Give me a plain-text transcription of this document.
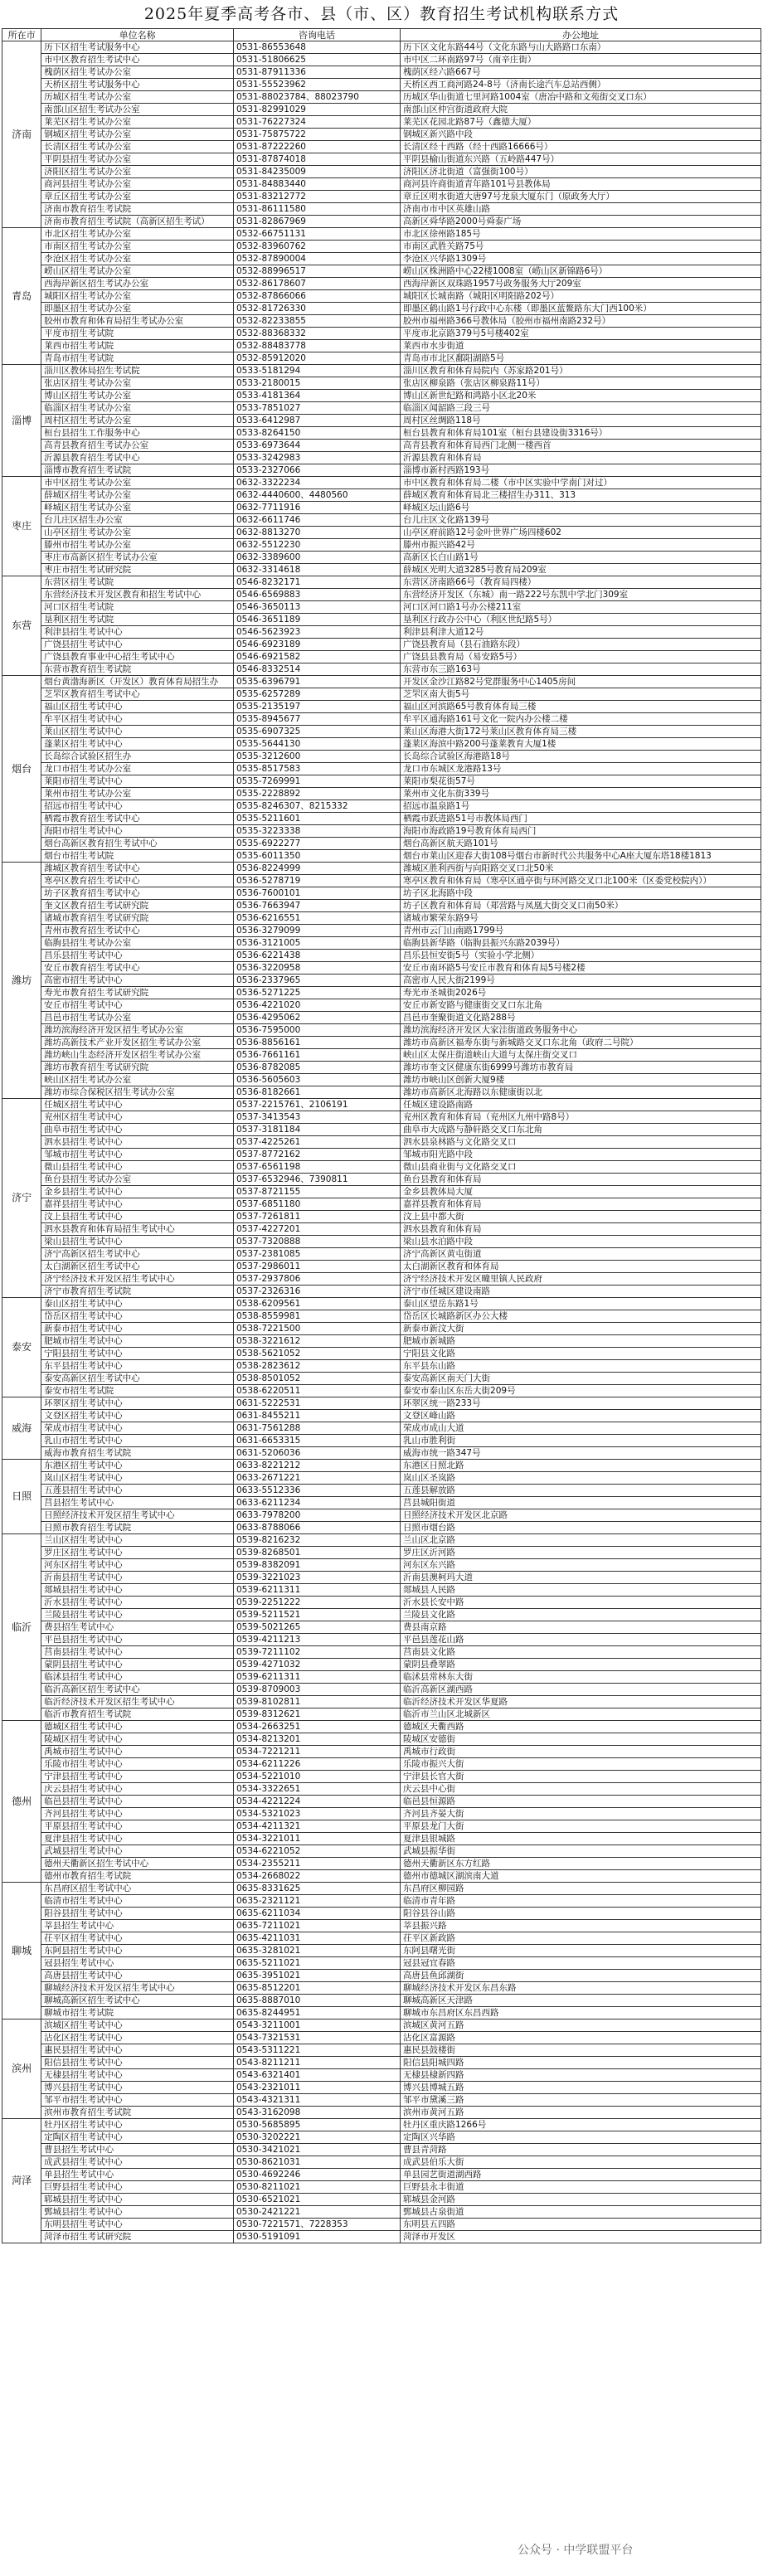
2025年夏季高考各市、县（市、区）教育招生考试机构联系方式
所在市	单位名称	咨询电话	办公地址
济南	历下区招生考试服务中心	0531-86553648	历下区文化东路44号（文化东路与山大路路口东南）
	市中区教育招生考试中心	0531-51806625	市中区二环南路97号（南辛庄街）
	槐荫区招生考试办公室	0531-87911336	槐荫区经六路667号
	天桥区招生考试服务中心	0531-55523962	天桥区西工商河路24-8号（济南长途汽车总站西侧）
	历城区招生考试办公室	0531-88023784、88023790	历城区华山街道七里河路1004室（唐冶中路和文苑街交叉口东）
	南部山区招生考试办公室	0531-82991029	南部山区仲宫街道政府大院
	莱芜区招生考试办公室	0531-76227324	莱芜区花园北路87号（鑫德大厦）
	钢城区招生考试办公室	0531-75875722	钢城区新兴路中段
	长清区招生考试办公室	0531-87222260	长清区经十西路（经十西路16666号）
	平阴县招生考试办公室	0531-87874018	平阴县榆山街道东兴路（五岭路447号）
	济阳区招生考试办公室	0531-84235009	济阳区济北街道（富强街100号）
	商河县招生考试办公室	0531-84883440	商河县许商街道青年路101号县教体局
	章丘区招生考试办公室	0531-83212772	章丘区明水街道大唐97号龙泉大厦东门（原政务大厅）
	济南市教育招生考试院	0531-86111580	济南市市中区英雄山路
	济南市教育招生考试院（高新区招生考试）	0531-82867969	高新区舜华路2000号舜泰广场
青岛	市北区招生考试办公室	0532-66751131	市北区徐州路185号
	市南区招生考试办公室	0532-83960762	市南区武胜关路75号
	李沧区招生考试办公室	0532-87890004	李沧区兴华路1309号
	崂山区招生考试办公室	0532-88996517	崂山区株洲路中心22楼1008室（崂山区新锦路6号）
	西海岸新区招生考试办公室	0532-86178607	西海岸新区双珠路1957号政务服务大厅209室
	城阳区招生考试办公室	0532-87866066	城阳区长城南路（城阳区明阳路202号）
	即墨区招生考试办公室	0532-81726330	即墨区鹤山路1号行政中心东楼（即墨区蓝鳌路东大门西100米）
	胶州市教育和体育局招生考试办公室	0532-82233855	胶州市福州路366号教体局（胶州市福州南路232号）
	平度市招生考试院	0532-88368332	平度市北京路379号5号楼402室
	莱西市招生考试院	0532-88483778	莱西市水步街道
	青岛市招生考试院	0532-85912020	青岛市市北区鄱阳湖路5号
淄博	淄川区教体局招生考试院	0533-5181294	淄川区教育和体育局院内（苏家路201号）
	张店区招生考试办公室	0533-2180015	张店区柳泉路（张店区柳泉路11号）
	博山区招生考试办公室	0533-4181364	博山区新世纪路和鸿路小区北20米
	临淄区招生考试办公室	0533-7851027	临淄区闻韶路三段三号
	周村区招生考试办公室	0533-6412987	周村区丝绸路118号
	桓台县招生工作服务中心	0533-8264150	桓台县教育和体育局101室（桓台县建设街3316号）
	高青县教育招生考试办公室	0533-6973644	高青县教育和体育局西门北侧一楼西首
	沂源县教育招生考试中心	0533-3242983	沂源县教育和体育局
	淄博市教育招生考试院	0533-2327066	淄博市新村西路193号
枣庄	市中区招生考试办公室	0632-3322234	市中区教育和体育局二楼（市中区实验中学南门对过）
	薛城区招生考试办公室	0632-4440600、4480560	薛城区教育和体育局北三楼招生办311、313
	峄城区招生考试办公室	0632-7711916	峄城区坛山路6号
	台儿庄区招生办公室	0632-6611746	台儿庄区文化路139号
	山亭区招生考试办公室	0632-8813270	山亭区府前路12号金叶世界广场四楼602
	滕州市招生考试办公室	0632-5512230	滕州市振兴路42号
	枣庄市高新区招生考试办公室	0632-3389600	高新区长白山路1号
	枣庄市招生考试研究院	0632-3314618	薛城区光明大道3285号教育局209室
东营	东营区招生考试院	0546-8232171	东营区济南路66号（教育局四楼）
	东营经济技术开发区教育和招生考试中心	0546-6569883	东营经济开发区（东城）南一路222号东凯中学北门309室
	河口区招生考试院	0546-3650113	河口区河口路1号办公楼211室
	垦利区招生考试院	0546-3651189	垦利区行政办公中心（利区世纪路5号）
	利津县招生考试中心	0546-5623923	利津县利津大道12号
	广饶县招生考试中心	0546-6923189	广饶县教育局（县石油路东段）
	广饶县教育事业中心招生考试中心	0546-6921582	广饶县县教育局（易安路5号）
	东营市教育招生考试院	0546-8332514	东营市东三路163号
烟台	烟台黄渤海新区（开发区）教育体育局招生办	0535-6396791	开发区金沙江路82号党群服务中心1405房间
	芝罘区教育招生考试中心	0535-6257289	芝罘区南大街5号
	福山区招生考试中心	0535-2135197	福山区河滨路65号教育体育局三楼
	牟平区招生考试中心	0535-8945677	牟平区通海路161号文化一院内办公楼二楼
	莱山区招生考试中心	0535-6907325	莱山区海港大街172号莱山区教育体育局三楼
	蓬莱区招生考试中心	0535-5644130	蓬莱区海滨中路200号蓬莱教育大厦1楼
	长岛综合试验区招生办	0535-3212600	长岛综合试验区海港路18号
	龙口市招生考试办公室	0535-8517583	龙口市东城区龙港路13号
	莱阳市招生考试中心	0535-7269991	莱阳市梨花街57号
	莱州市招生考试办公室	0535-2228892	莱州市文化东街339号
	招远市招生考试中心	0535-8246307、8215332	招远市温泉路1号
	栖霞市教育招生考试中心	0535-5211601	栖霞市跃进路51号市教体局西门
	海阳市招生考试中心	0535-3223338	海阳市海政路19号教育体育局西门
	烟台高新区教育招生考试中心	0535-6922277	烟台高新区航天路101号
	烟台市招生考试院	0535-6011350	烟台市莱山区迎春大街108号烟台市新时代公共服务中心A座大厦东塔18楼1813
潍坊	潍城区教育招生考试中心	0536-8224999	潍城区胜利西街与向阳路交叉口北50米
	寒亭区教育招生考试中心	0536-5278719	寒亭区教育和体育局（寒亭区通亭街与环河路交叉口北100米（区委党校院内））
	坊子区教育招生考试中心	0536-7600101	坊子区北海路中段
	奎文区教育招生考试研究院	0536-7663947	坊子区教育和体育局（郑营路与凤凰大街交叉口南50米）
	诸城市教育招生考试研究院	0536-6216551	诸城市繁荣东路9号
	青州市教育招生考试中心	0536-3279099	青州市云门山南路1799号
	临朐县招生考试办公室	0536-3121005	临朐县新华路（临朐县振兴东路2039号）
	昌乐县招生考试中心	0536-6221438	昌乐县恒安街5号（实验小学北侧）
	安丘市教育招生考试中心	0536-3220958	安丘市南环路5号安丘市教育和体育局5号楼2楼
	高密市招生考试中心	0536-2337965	高密市人民大街2199号
	寿光市教育招生考试研究院	0536-5271225	寿光市圣城街2026号
	安丘市招生考试中心	0536-4221020	安丘市新安路与健康街交叉口东北角
	昌邑市招生考试办公室	0536-4295062	昌邑市奎聚街道文化路288号
	潍坊滨海经济开发区招生考试办公室	0536-7595000	潍坊滨海经济开发区大家洼街道政务服务中心
	潍坊高新技术产业开发区招生考试办公室	0536-8856161	潍坊市高新区福寿东街与新城路交叉口东北角（政府二号院）
	潍坊峡山生态经济开发区招生考试办公室	0536-7661161	峡山区太保庄街道峡山大道与太保庄街交叉口
	潍坊市教育招生考试研究院	0536-8782085	潍坊市奎文区健康东街6999号潍坊市教育局
	峡山区招生考试办公室	0536-5605603	潍坊市峡山区创新大厦9楼
	潍坊市综合保税区招生考试办公室	0536-8182661	潍坊市高新区北海路以东健康街以北
济宁	任城区招生考试中心	0537-2215761、2106191	任城区建设路南路
	兖州区招生考试中心	0537-3413543	兖州区教育和体育局（兖州区九州中路8号）
	曲阜市招生考试中心	0537-3181184	曲阜市大成路与静轩路交叉口东北角
	泗水县招生考试中心	0537-4225261	泗水县泉林路与文化路交叉口
	邹城市招生考试中心	0537-8772162	邹城市阳光路中段
	微山县招生考试中心	0537-6561198	微山县商业街与文化路交叉口
	鱼台县招生考试办公室	0537-6532946、7390811	鱼台县教育和体育局
	金乡县招生考试中心	0537-8721155	金乡县教体局大厦
	嘉祥县招生考试中心	0537-6851180	嘉祥县教育和体育局
	汶上县招生考试中心	0537-7261811	汶上县中都大街
	泗水县教育和体育局招生考试中心	0537-4227201	泗水县教育和体育局
	梁山县招生考试中心	0537-7320888	梁山县水泊路中段
	济宁高新区招生考试中心	0537-2381085	济宁高新区黄屯街道
	太白湖新区招生考试中心	0537-2986011	太白湖新区教育和体育局
	济宁经济技术开发区招生考试中心	0537-2937806	济宁经济技术开发区疃里镇人民政府
	济宁市教育招生考试院	0537-2326316	济宁市任城区建设南路
泰安	泰山区招生考试中心	0538-6209561	泰山区望岳东路1号
	岱岳区招生考试中心	0538-8559981	岱岳区长城路新区办公大楼
	新泰市招生考试中心	0538-7221500	新泰市新汶大街
	肥城市招生考试中心	0538-3221612	肥城市新城路
	宁阳县招生考试中心	0538-5621052	宁阳县文化路
	东平县招生考试中心	0538-2823612	东平县东山路
	泰安高新区招生考试中心	0538-8501052	泰安高新区南天门大街
	泰安市招生考试院	0538-6220511	泰安市泰山区东岳大街209号
威海	环翠区招生考试中心	0631-5222531	环翠区统一路233号
	文登区招生考试中心	0631-8455211	文登区峰山路
	荣成市招生考试中心	0631-7561288	荣成市成山大道
	乳山市招生考试中心	0631-6653315	乳山市胜利街
	威海市教育招生考试院	0631-5206036	威海市统一路347号
日照	东港区招生考试中心	0633-8221212	东港区日照北路
	岚山区招生考试中心	0633-2671221	岚山区圣岚路
	五莲县招生考试中心	0633-5512336	五莲县解放路
	莒县招生考试中心	0633-6211234	莒县城阳街道
	日照经济技术开发区招生考试中心	0633-7978200	日照经济技术开发区北京路
	日照市教育招生考试院	0633-8788066	日照市烟台路
临沂	兰山区招生考试中心	0539-8216232	兰山区北京路
	罗庄区招生考试中心	0539-8268501	罗庄区沂河路
	河东区招生考试中心	0539-8382091	河东区东兴路
	沂南县招生考试中心	0539-3221023	沂南县澳柯玛大道
	郯城县招生考试中心	0539-6211311	郯城县人民路
	沂水县招生考试中心	0539-2251222	沂水县长安中路
	兰陵县招生考试中心	0539-5211521	兰陵县文化路
	费县招生考试中心	0539-5021265	费县南京路
	平邑县招生考试中心	0539-4211213	平邑县莲花山路
	莒南县招生考试中心	0539-7211102	莒南县文化路
	蒙阴县招生考试中心	0539-4271032	蒙阴县叠翠路
	临沭县招生考试中心	0539-6211311	临沭县常林东大街
	临沂高新区招生考试中心	0539-8709003	临沂高新区湖西路
	临沂经济技术开发区招生考试中心	0539-8102811	临沂经济技术开发区华夏路
	临沂市教育招生考试院	0539-8312621	临沂市兰山区北城新区
德州	德城区招生考试中心	0534-2663251	德城区天衢西路
	陵城区招生考试中心	0534-8213201	陵城区安德街
	禹城市招生考试中心	0534-7221211	禹城市行政街
	乐陵市招生考试中心	0534-6211226	乐陵市振兴大街
	宁津县招生考试中心	0534-5221010	宁津县长官大街
	庆云县招生考试中心	0534-3322651	庆云县中心街
	临邑县招生考试中心	0534-4221224	临邑县恒源路
	齐河县招生考试中心	0534-5321023	齐河县齐晏大街
	平原县招生考试中心	0534-4211321	平原县龙门大街
	夏津县招生考试中心	0534-3221011	夏津县银城路
	武城县招生考试中心	0534-6221052	武城县振华街
	德州天衢新区招生考试中心	0534-2355211	德州天衢新区东方红路
	德州市教育招生考试院	0534-2668022	德州市德城区湖滨南大道
聊城	东昌府区招生考试中心	0635-8331625	东昌府区柳园路
	临清市招生考试中心	0635-2321121	临清市青年路
	阳谷县招生考试中心	0635-6211034	阳谷县谷山路
	莘县招生考试中心	0635-7211021	莘县振兴路
	茌平区招生考试中心	0635-4211031	茌平区新政路
	东阿县招生考试中心	0635-3281021	东阿县曙光街
	冠县招生考试中心	0635-5211021	冠县冠宜春路
	高唐县招生考试中心	0635-3951021	高唐县鱼邱湖街
	聊城经济技术开发区招生考试中心	0635-8512201	聊城经济技术开发区东昌东路
	聊城高新区招生考试中心	0635-8887010	聊城高新区天津路
	聊城市招生考试院	0635-8244951	聊城市东昌府区东昌西路
滨州	滨城区招生考试中心	0543-3211001	滨城区黄河五路
	沾化区招生考试中心	0543-7321531	沾化区富源路
	惠民县招生考试中心	0543-5311221	惠民县鼓楼街
	阳信县招生考试中心	0543-8211211	阳信县阳城四路
	无棣县招生考试中心	0543-6321401	无棣县棣新四路
	博兴县招生考试中心	0543-2321011	博兴县博城五路
	邹平市招生考试中心	0543-4321311	邹平市黛溪三路
	滨州市教育招生考试院	0543-3162098	滨州市黄河五路
菏泽	牡丹区招生考试中心	0530-5685895	牡丹区重庆路1266号
	定陶区招生考试中心	0530-3202221	定陶区兴华路
	曹县招生考试中心	0530-3421021	曹县青菏路
	成武县招生考试中心	0530-8621031	成武县伯乐大街
	单县招生考试中心	0530-4692246	单县园艺街道湖西路
	巨野县招生考试中心	0530-8211021	巨野县永丰街道
	郓城县招生考试中心	0530-6521021	郓城县金河路
	鄄城县招生考试中心	0530-2421221	鄄城县古泉街道
	东明县招生考试中心	0530-7221571、7228353	东明县五四路
	菏泽市招生考试研究院	0530-5191091	菏泽市开发区
公众号 · 中学联盟平台
